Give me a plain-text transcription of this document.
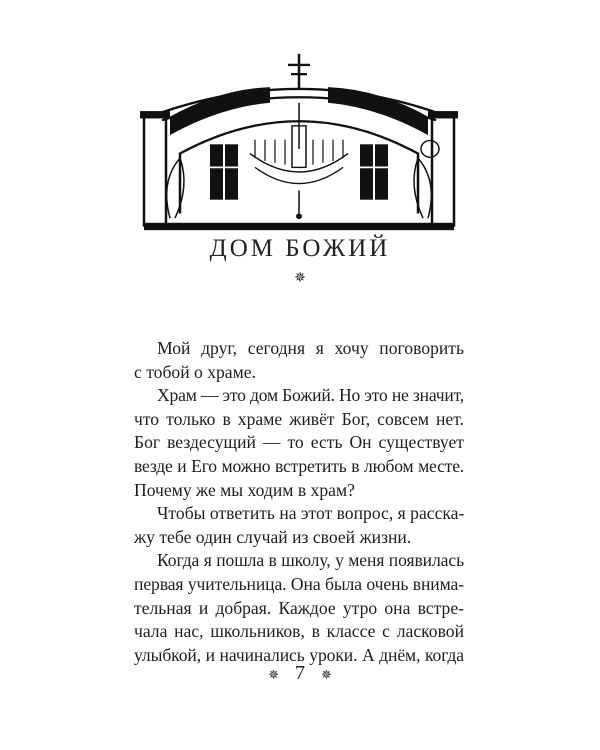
ДОМ БОЖИЙ
✵
Мой друг, сегодня я хочу поговорить
с тобой о храме.
Храм — это дом Божий. Но это не значит,
что только в храме живёт Бог, совсем нет.
Бог вездесущий — то есть Он существует
везде и Его можно встретить в любом месте.
Почему же мы ходим в храм?
Чтобы ответить на этот вопрос, я расска-
жу тебе один случай из своей жизни.
Когда я пошла в школу, у меня появилась
первая учительница. Она была очень внима-
тельная и добрая. Каждое утро она встре-
чала нас, школьников, в классе с ласковой
улыбкой, и начинались уроки. А днём, когда
✵ 7 ✵
